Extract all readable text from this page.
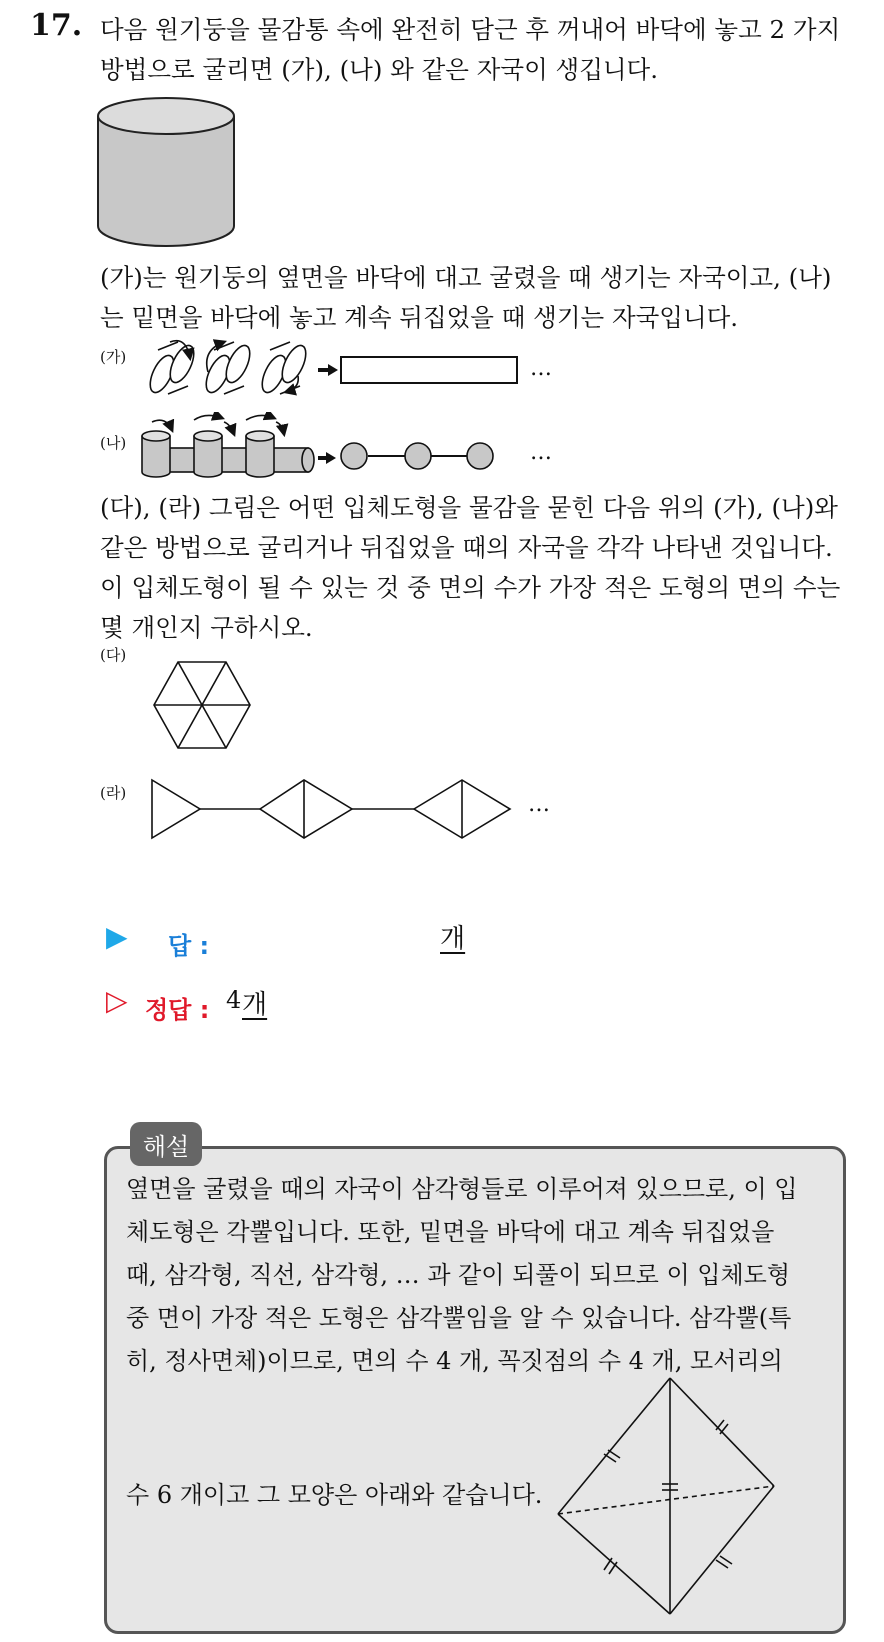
17. 다음 원기둥을 물감통 속에 완전히 담근 후 꺼내어 바닥에 놓고 2 가지
방법으로 굴리면 (가), (나) 와 같은 자국이 생깁니다.
(가)는 원기둥의 옆면을 바닥에 대고 굴렸을 때 생기는 자국이고, (나)
는 밑면을 바닥에 놓고 계속 뒤집었을 때 생기는 자국입니다.
(가)	…
(나)	…
(다), (라) 그림은 어떤 입체도형을 물감을 묻힌 다음 위의 (가), (나)와
같은 방법으로 굴리거나 뒤집었을 때의 자국을 각각 나타낸 것입니다.
이 입체도형이 될 수 있는 것 중 면의 수가 가장 적은 도형의 면의 수는
몇 개인지 구하시오.
(다)
(라)	…
▶ 답 :	개
▷ 정답 : 4 개
해설
옆면을 굴렸을 때의 자국이 삼각형들로 이루어져 있으므로, 이 입
체도형은 각뿔입니다. 또한, 밑면을 바닥에 대고 계속 뒤집었을
때, 삼각형, 직선, 삼각형, … 과 같이 되풀이 되므로 이 입체도형
중 면이 가장 적은 도형은 삼각뿔임을 알 수 있습니다. 삼각뿔(특
히, 정사면체)이므로, 면의 수 4 개, 꼭짓점의 수 4 개, 모서리의
수 6 개이고 그 모양은 아래와 같습니다.
